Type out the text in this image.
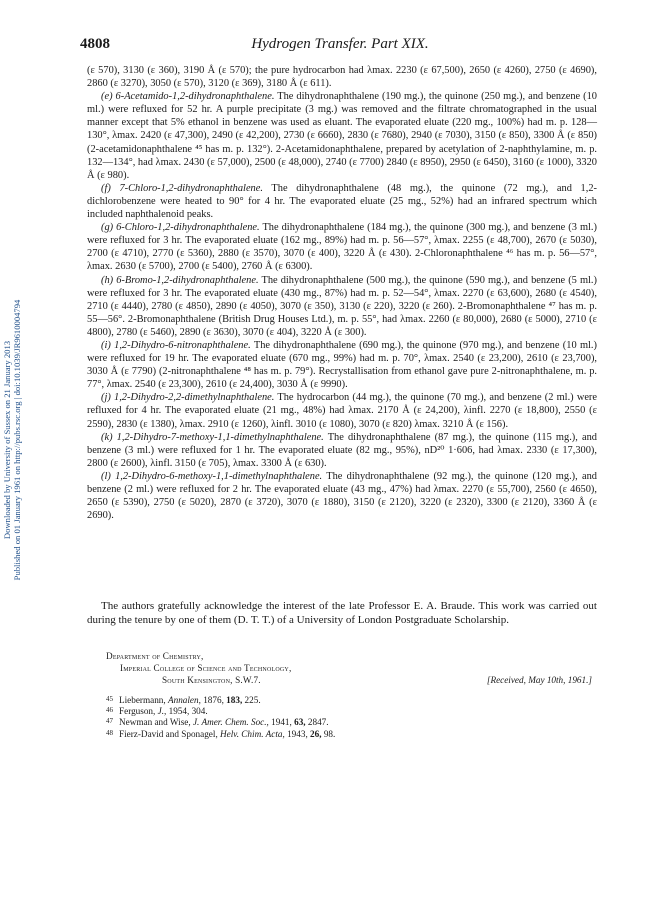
4808	Hydrogen Transfer. Part XIX.
Downloaded by University of Sussex on 21 January 2013 Published on 01 January 1961 on http://pubs.rsc.org | doi:10.1039/JR9610004794

(ε 570), 3130 (ε 360), 3190 Å (ε 570); the pure hydrocarbon had λmax. 2230 (ε 67,500), 2650 (ε 4260), 2750 (ε 4690), 2860 (ε 3270), 3050 (ε 570), 3120 (ε 369), 3180 Å (ε 611).

(e) 6-Acetamido-1,2-dihydronaphthalene. The dihydronaphthalene (190 mg.), the quinone (250 mg.), and benzene (10 ml.) were refluxed for 52 hr. A purple precipitate (3 mg.) was removed and the filtrate chromatographed in the usual manner except that 5% ethanol in benzene was used as eluant. The evaporated eluate (220 mg., 100%) had m. p. 128—130°, λmax. 2420 (ε 47,300), 2490 (ε 42,200), 2730 (ε 6660), 2830 (ε 7680), 2940 (ε 7030), 3150 (ε 850), 3300 Å (ε 850) (2-acetamidonaphthalene ⁴⁵ has m. p. 132°). 2-Acetamidonaphthalene, prepared by acetylation of 2-naphthylamine, m. p. 132—134°, had λmax. 2430 (ε 57,000), 2500 (ε 48,000), 2740 (ε 7700) 2840 (ε 8950), 2950 (ε 6450), 3160 (ε 1000), 3320 Å (ε 980).

(f) 7-Chloro-1,2-dihydronaphthalene. The dihydronaphthalene (48 mg.), the quinone (72 mg.), and 1,2-dichlorobenzene were heated to 90° for 4 hr. The evaporated eluate (25 mg., 52%) had an infrared spectrum which included naphthalenoid peaks.

(g) 6-Chloro-1,2-dihydronaphthalene. The dihydronaphthalene (184 mg.), the quinone (300 mg.), and benzene (3 ml.) were refluxed for 3 hr. The evaporated eluate (162 mg., 89%) had m. p. 56—57°, λmax. 2255 (ε 48,700), 2670 (ε 5030), 2700 (ε 4710), 2770 (ε 5360), 2880 (ε 3570), 3070 (ε 400), 3220 Å (ε 430). 2-Chloronaphthalene ⁴⁶ has m. p. 56—57°, λmax. 2630 (ε 5700), 2700 (ε 5400), 2760 Å (ε 6300).

(h) 6-Bromo-1,2-dihydronaphthalene. The dihydronaphthalene (500 mg.), the quinone (590 mg.), and benzene (5 ml.) were refluxed for 3 hr. The evaporated eluate (430 mg., 87%) had m. p. 52—54°, λmax. 2270 (ε 63,600), 2680 (ε 4540), 2710 (ε 4440), 2780 (ε 4850), 2890 (ε 4050), 3070 (ε 350), 3130 (ε 220), 3220 (ε 260). 2-Bromonaphthalene ⁴⁷ has m. p. 55—56°. 2-Bromonaphthalene (British Drug Houses Ltd.), m. p. 55°, had λmax. 2260 (ε 80,000), 2680 (ε 5000), 2710 (ε 4800), 2780 (ε 5460), 2890 (ε 3630), 3070 (ε 404), 3220 Å (ε 300).

(i) 1,2-Dihydro-6-nitronaphthalene. The dihydronaphthalene (690 mg.), the quinone (970 mg.), and benzene (10 ml.) were refluxed for 19 hr. The evaporated eluate (670 mg., 99%) had m. p. 70°, λmax. 2540 (ε 23,200), 2610 (ε 23,700), 3030 Å (ε 7790) (2-nitronaphthalene ⁴⁸ has m. p. 79°). Recrystallisation from ethanol gave pure 2-nitronaphthalene, m. p. 77°, λmax. 2540 (ε 23,300), 2610 (ε 24,400), 3030 Å (ε 9990).

(j) 1,2-Dihydro-2,2-dimethylnaphthalene. The hydrocarbon (44 mg.), the quinone (70 mg.), and benzene (2 ml.) were refluxed for 4 hr. The evaporated eluate (21 mg., 48%) had λmax. 2170 Å (ε 24,200), λinfl. 2270 (ε 18,800), 2550 (ε 2590), 2830 (ε 1380), λmax. 2910 (ε 1260), λinfl. 3010 (ε 1080), 3070 (ε 820) λmax. 3210 Å (ε 156).

(k) 1,2-Dihydro-7-methoxy-1,1-dimethylnaphthalene. The dihydronaphthalene (87 mg.), the quinone (115 mg.), and benzene (3 ml.) were refluxed for 1 hr. The evaporated eluate (82 mg., 95%), nD²⁰ 1·606, had λmax. 2330 (ε 17,300), 2800 (ε 2600), λinfl. 3150 (ε 705), λmax. 3300 Å (ε 630).

(l) 1,2-Dihydro-6-methoxy-1,1-dimethylnaphthalene. The dihydronaphthalene (92 mg.), the quinone (120 mg.), and benzene (2 ml.) were refluxed for 2 hr. The evaporated eluate (43 mg., 47%) had λmax. 2270 (ε 55,700), 2560 (ε 4650), 2650 (ε 5390), 2750 (ε 5020), 2870 (ε 3720), 3070 (ε 1880), 3150 (ε 2120), 3220 (ε 2320), 3300 (ε 2120), 3360 Å (ε 2690).

The authors gratefully acknowledge the interest of the late Professor E. A. Braude. This work was carried out during the tenure by one of them (D. T. T.) of a University of London Postgraduate Scholarship.

Department of Chemistry,
Imperial College of Science and Technology,
South Kensington, S.W.7.	[Received, May 10th, 1961.]
$^{45}$ Liebermann, Annalen, 1876, 183, 225.
$^{46}$ Ferguson, J., 1954, 304.
$^{47}$ Newman and Wise, J. Amer. Chem. Soc., 1941, 63, 2847.
$^{48}$ Fierz-David and Sponagel, Helv. Chim. Acta, 1943, 26, 98.
